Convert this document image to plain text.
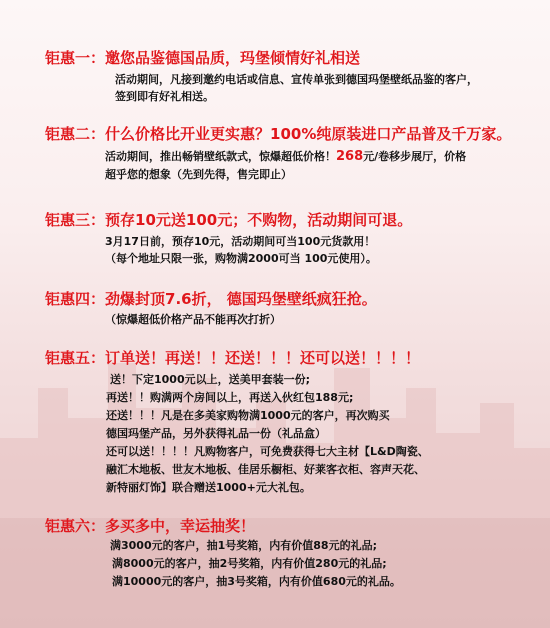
钜惠一：邀您品鉴德国品质，玛堡倾情好礼相送
活动期间，凡接到邀约电话或信息、宣传单张到德国玛堡壁纸品鉴的客户，
签到即有好礼相送。
钜惠二：什么价格比开业更实惠？100%纯原装进口产品普及千万家。
活动期间，推出畅销壁纸款式，惊爆超低价格！268元/卷移步展厅，价格
超乎您的想象（先到先得，售完即止）
钜惠三：预存10元送100元；不购物，活动期间可退。
3月17日前，预存10元，活动期间可当100元货款用！
（每个地址只限一张，购物满2000可当 100元使用）。
钜惠四：劲爆封顶7.6折， 德国玛堡壁纸疯狂抢。
（惊爆超低价格产品不能再次打折）
钜惠五：订单送！再送！！还送！！！还可以送！！！！
送！下定1000元以上，送美甲套装一份;
再送！！购满两个房间以上，再送入伙红包188元;
还送！！！凡是在多美家购物满1000元的客户，再次购买
德国玛堡产品，另外获得礼品一份（礼品盒）
还可以送！！！！凡购物客户，可免费获得七大主材【L&D陶瓷、
融汇木地板、世友木地板、佳居乐橱柜、好莱客衣柜、容声天花、
新特丽灯饰】联合赠送1000+元大礼包。
钜惠六：多买多中，幸运抽奖！
满3000元的客户，抽1号奖箱，内有价值88元的礼品;
满8000元的客户，抽2号奖箱，内有价值280元的礼品;
满10000元的客户，抽3号奖箱，内有价值680元的礼品。
